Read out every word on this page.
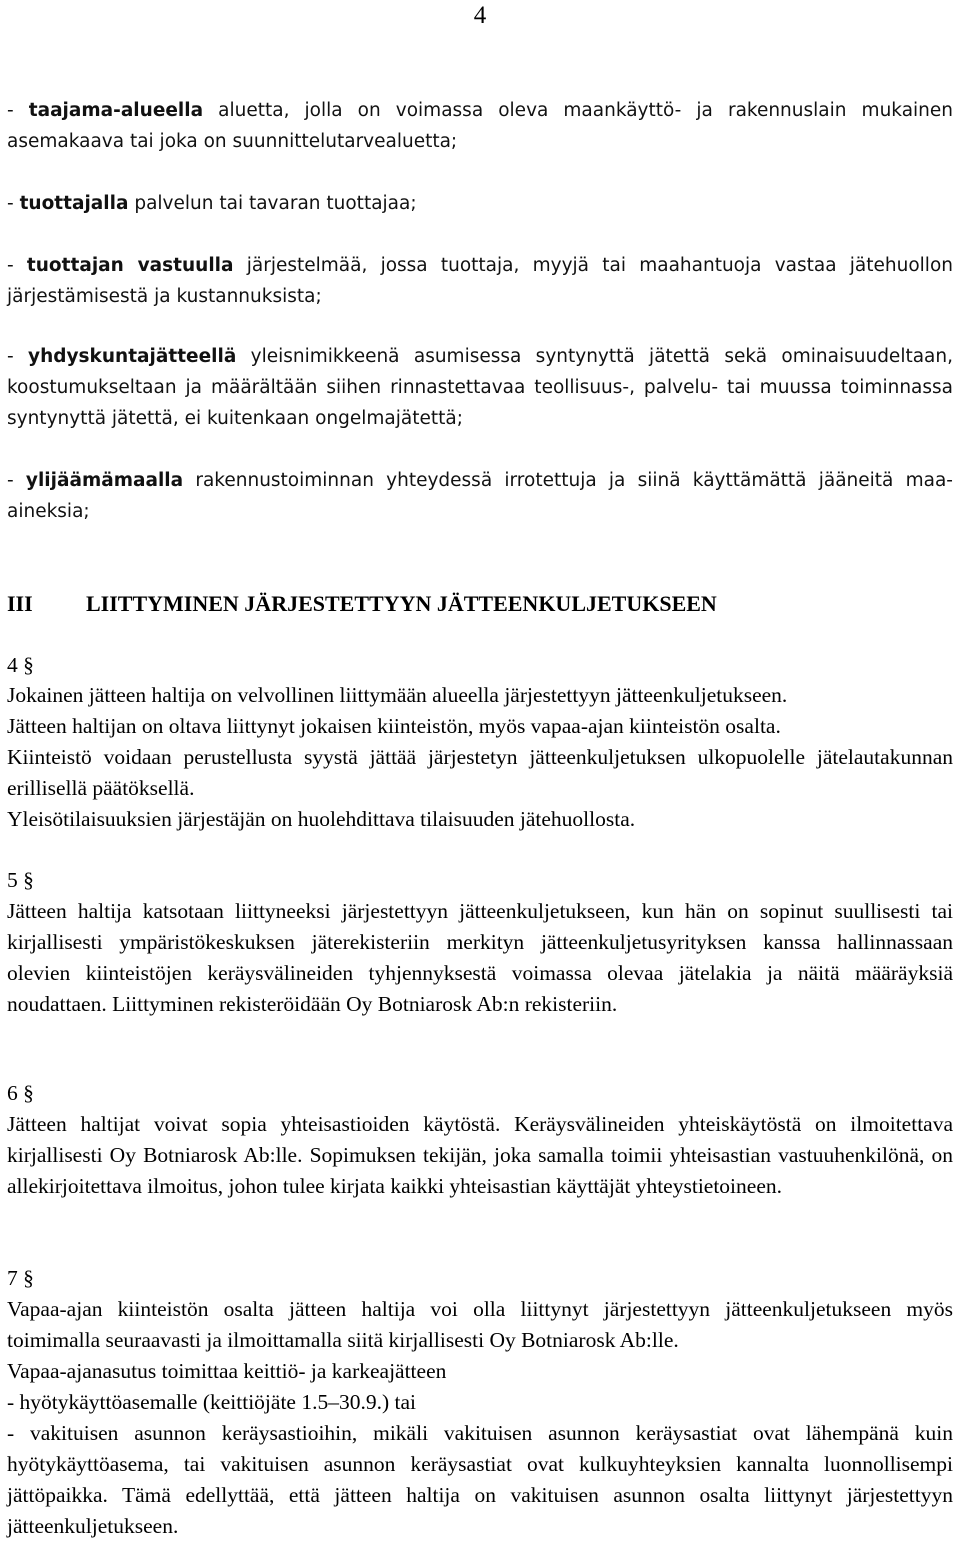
4

- taajama-alueella aluetta, jolla on voimassa oleva maankäyttö- ja rakennuslain mukainen asemakaava tai joka on suunnittelutarvealuetta;

- tuottajalla palvelun tai tavaran tuottajaa;

- tuottajan vastuulla järjestelmää, jossa tuottaja, myyjä tai maahantuoja vastaa jätehuollon järjestämisestä ja kustannuksista;

- yhdyskuntajätteellä yleisnimikkeenä asumisessa syntynyttä jätettä sekä ominaisuudeltaan, koostumukseltaan ja määrältään siihen rinnastettavaa teollisuus-, palvelu- tai muussa toiminnassa syntynyttä jätettä, ei kuitenkaan ongelmajätettä;

- ylijäämämaalla rakennustoiminnan yhteydessä irrotettuja ja siinä käyttämättä jääneitä maa-aineksia;

III LIITTYMINEN JÄRJESTETTYYN JÄTTEENKULJETUKSEEN
4 §

Jokainen jätteen haltija on velvollinen liittymään alueella järjestettyyn jätteenkuljetukseen.

Jätteen haltijan on oltava liittynyt jokaisen kiinteistön, myös vapaa-ajan kiinteistön osalta.

Kiinteistö voidaan perustellusta syystä jättää järjestetyn jätteenkuljetuksen ulkopuolelle jätelautakunnan erillisellä päätöksellä.

Yleisötilaisuuksien järjestäjän on huolehdittava tilaisuuden jätehuollosta.

5 §

Jätteen haltija katsotaan liittyneeksi järjestettyyn jätteenkuljetukseen, kun hän on sopinut suullisesti tai kirjallisesti ympäristökeskuksen jäterekisteriin merkityn jätteenkuljetusyrityksen kanssa hallinnassaan olevien kiinteistöjen keräysvälineiden tyhjennyksestä voimassa olevaa jätelakia ja näitä määräyksiä noudattaen. Liittyminen rekisteröidään Oy Botniarosk Ab:n rekisteriin.

6 §

Jätteen haltijat voivat sopia yhteisastioiden käytöstä. Keräysvälineiden yhteiskäytöstä on ilmoitettava kirjallisesti Oy Botniarosk Ab:lle. Sopimuksen tekijän, joka samalla toimii yhteisastian vastuuhenkilönä, on allekirjoitettava ilmoitus, johon tulee kirjata kaikki yhteisastian käyttäjät yhteystietoineen.

7 §

Vapaa-ajan kiinteistön osalta jätteen haltija voi olla liittynyt järjestettyyn jätteenkuljetukseen myös toimimalla seuraavasti ja ilmoittamalla siitä kirjallisesti Oy Botniarosk Ab:lle.

Vapaa-ajanasutus toimittaa keittiö- ja karkeajätteen

- hyötykäyttöasemalle (keittiöjäte 1.5–30.9.) tai

- vakituisen asunnon keräysastioihin, mikäli vakituisen asunnon keräysastiat ovat lähempänä kuin hyötykäyttöasema, tai vakituisen asunnon keräysastiat ovat kulkuyhteyksien kannalta luonnollisempi jättöpaikka. Tämä edellyttää, että jätteen haltija on vakituisen asunnon osalta liittynyt järjestettyyn jätteenkuljetukseen.
